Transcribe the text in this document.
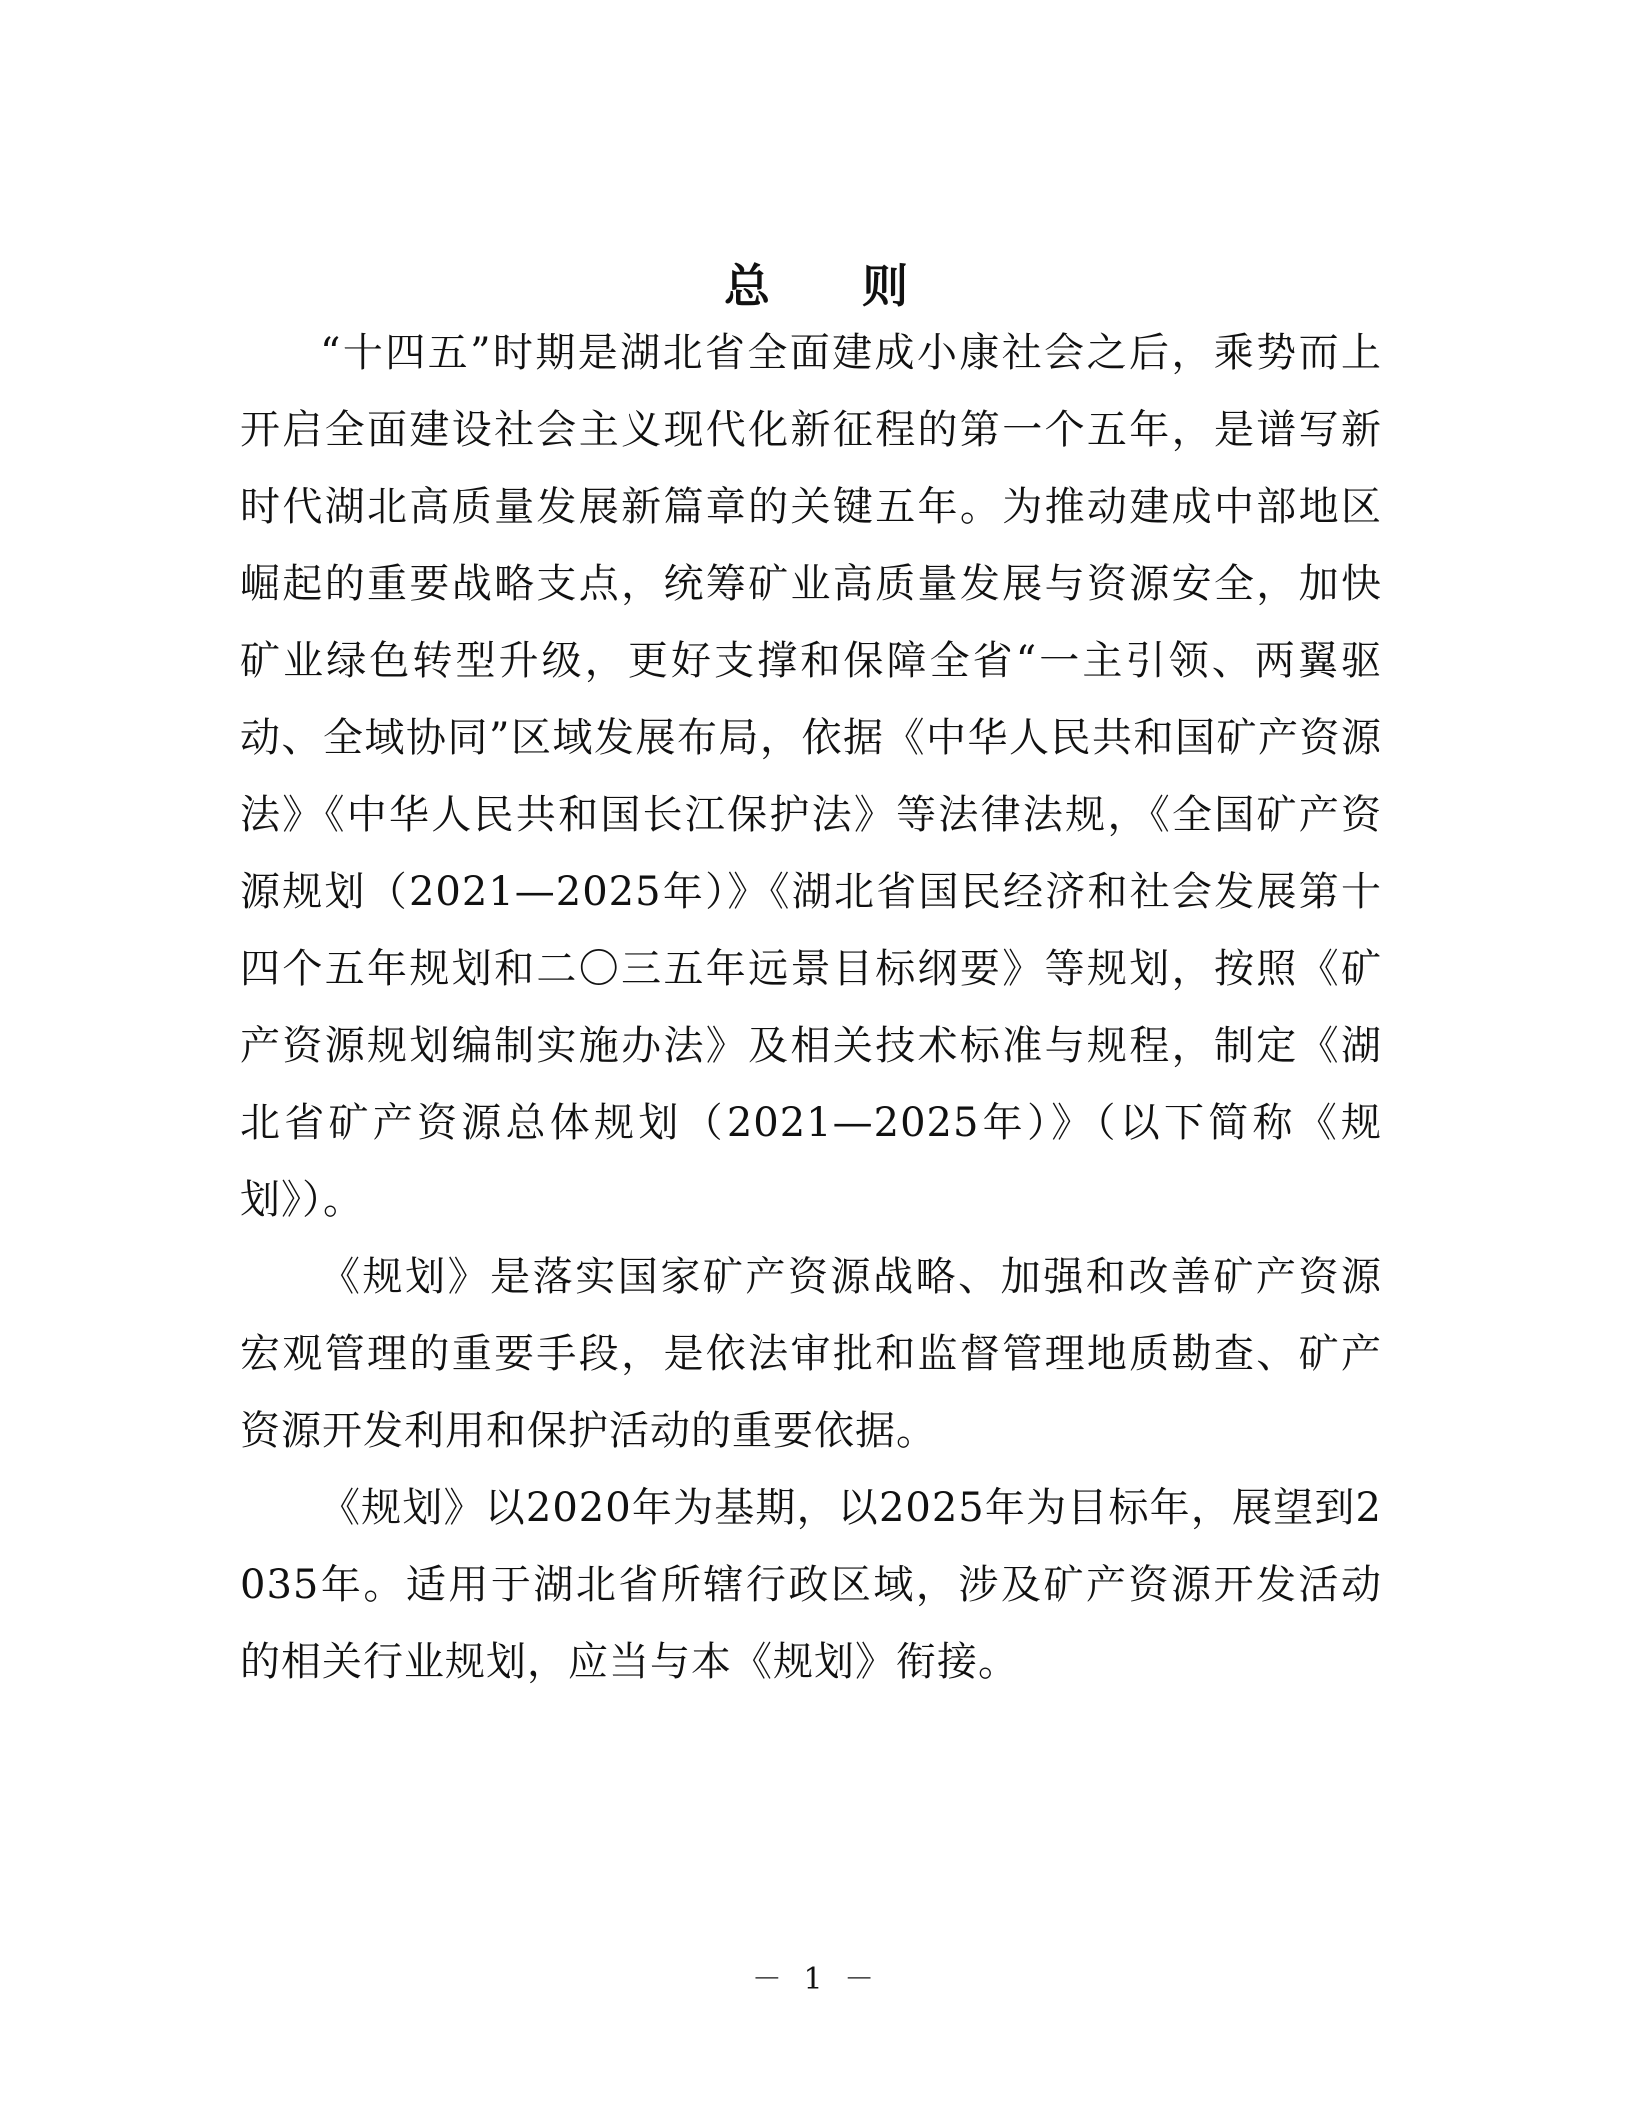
总 则

“十四五”时期是湖北省全面建成小康社会之后，乘势而上开启全面建设社会主义现代化新征程的第一个五年，是谱写新时代湖北高质量发展新篇章的关键五年。为推动建成中部地区崛起的重要战略支点，统筹矿业高质量发展与资源安全，加快矿业绿色转型升级，更好支撑和保障全省“一主引领、两翼驱动、全域协同”区域发展布局，依据《中华人民共和国矿产资源法》《中华人民共和国长江保护法》等法律法规，《全国矿产资源规划（2021—2025年）》《湖北省国民经济和社会发展第十四个五年规划和二〇三五年远景目标纲要》等规划，按照《矿产资源规划编制实施办法》及相关技术标准与规程，制定《湖北省矿产资源总体规划（2021—2025年）》（以下简称《规划》）。

《规划》是落实国家矿产资源战略、加强和改善矿产资源宏观管理的重要手段，是依法审批和监督管理地质勘查、矿产资源开发利用和保护活动的重要依据。

《规划》以2020年为基期，以2025年为目标年，展望到2035年。适用于湖北省所辖行政区域，涉及矿产资源开发活动的相关行业规划，应当与本《规划》衔接。

－ 1 －
